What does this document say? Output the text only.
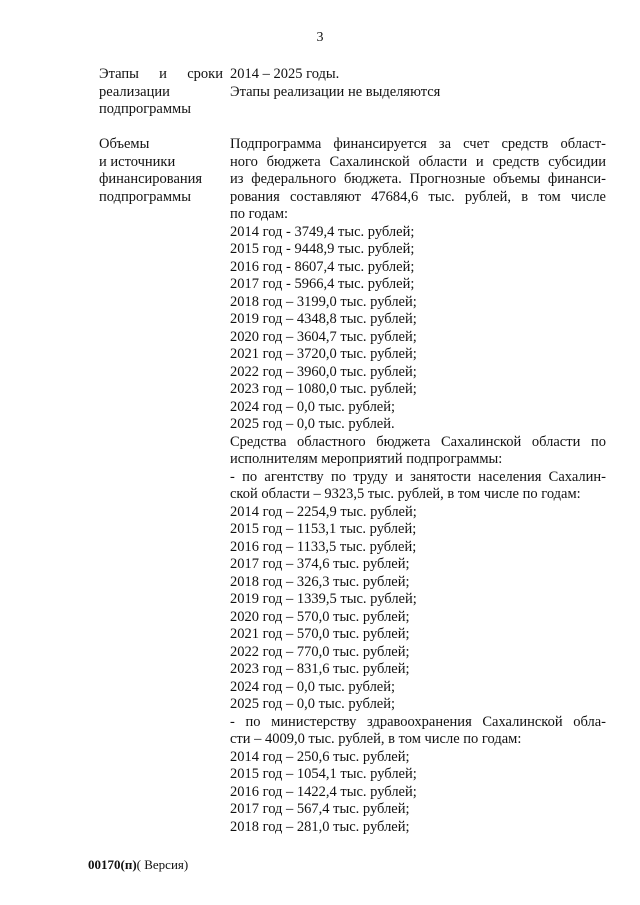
3
Этапы и сроки
реализации
подпрограммы
2014 – 2025 годы.
Этапы реализации не выделяются
Объемы
и источники
финансирования
подпрограммы
Подпрограмма финансируется за счет средств област-
ного бюджета Сахалинской области и средств субсидии
из федерального бюджета. Прогнозные объемы финанси-
рования составляют 47684,6 тыс. рублей, в том числе
по годам:
2014 год - 3749,4 тыс. рублей;
2015 год - 9448,9 тыс. рублей;
2016 год - 8607,4 тыс. рублей;
2017 год - 5966,4 тыс. рублей;
2018 год – 3199,0 тыс. рублей;
2019 год – 4348,8 тыс. рублей;
2020 год – 3604,7 тыс. рублей;
2021 год – 3720,0 тыс. рублей;
2022 год – 3960,0 тыс. рублей;
2023 год – 1080,0 тыс. рублей;
2024 год – 0,0 тыс. рублей;
2025 год – 0,0 тыс. рублей.
Средства областного бюджета Сахалинской области по
исполнителям мероприятий подпрограммы:
- по агентству по труду и занятости населения Сахалин-
ской области – 9323,5 тыс. рублей, в том числе по годам:
2014 год – 2254,9 тыс. рублей;
2015 год – 1153,1 тыс. рублей;
2016 год – 1133,5 тыс. рублей;
2017 год – 374,6 тыс. рублей;
2018 год – 326,3 тыс. рублей;
2019 год – 1339,5 тыс. рублей;
2020 год – 570,0 тыс. рублей;
2021 год – 570,0 тыс. рублей;
2022 год – 770,0 тыс. рублей;
2023 год – 831,6 тыс. рублей;
2024 год – 0,0 тыс. рублей;
2025 год – 0,0 тыс. рублей;
- по министерству здравоохранения Сахалинской обла-
сти – 4009,0 тыс. рублей, в том числе по годам:
2014 год – 250,6 тыс. рублей;
2015 год – 1054,1 тыс. рублей;
2016 год – 1422,4 тыс. рублей;
2017 год – 567,4 тыс. рублей;
2018 год – 281,0 тыс. рублей;
00170(п)( Версия)
